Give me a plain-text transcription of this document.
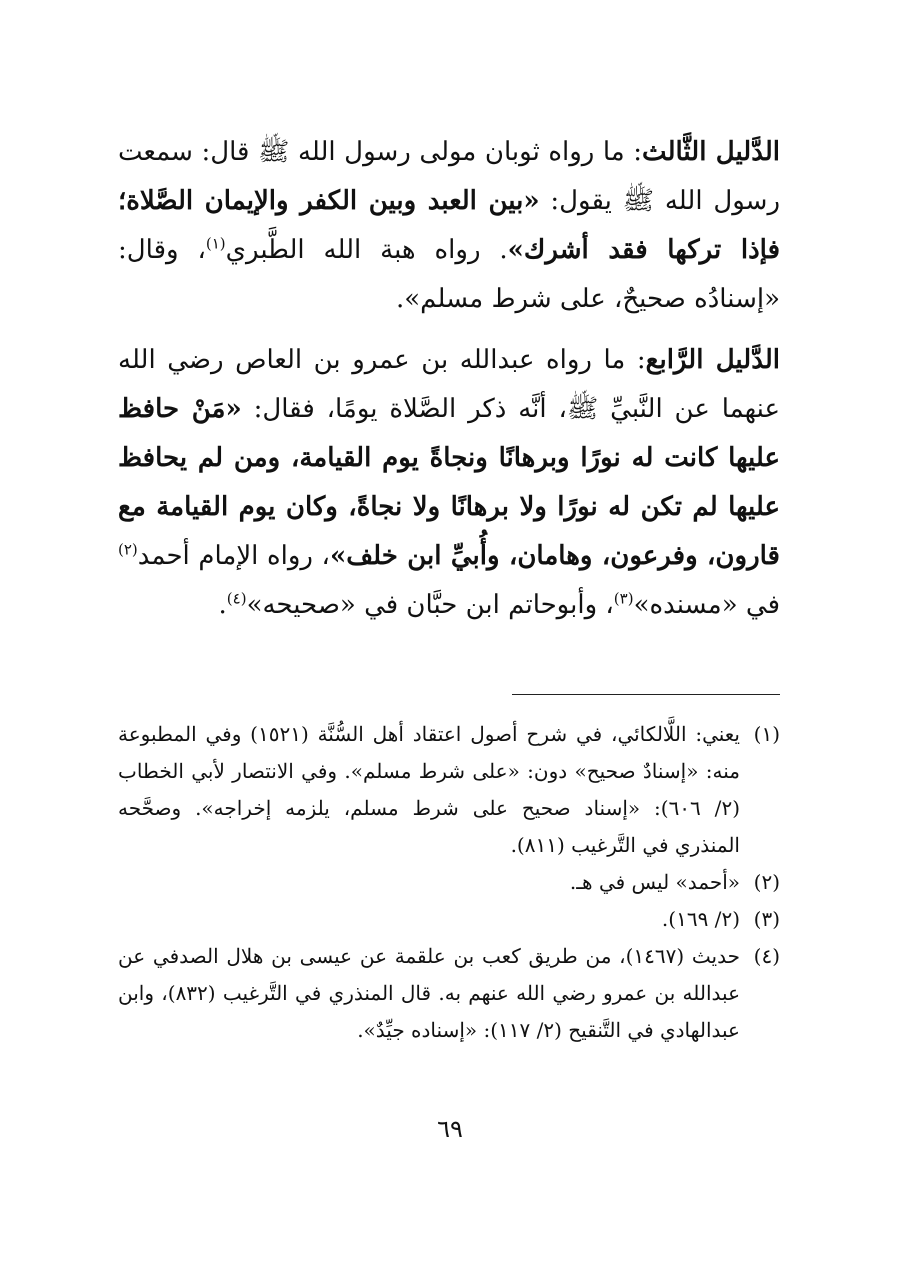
الدَّليل الثَّالث: ما رواه ثوبان مولى رسول الله ﷺ قال: سمعت رسول الله ﷺ يقول: «بين العبد وبين الكفر والإيمان الصَّلاة؛ فإذا تركها فقد أشرك». رواه هبة الله الطَّبري$^{(١)}$، وقال: «إسنادُه صحيحٌ، على شرط مسلم».

الدَّليل الرَّابع: ما رواه عبدالله بن عمرو بن العاص رضي الله عنهما عن النَّبيِّ ﷺ، أنَّه ذكر الصَّلاة يومًا، فقال: «مَنْ حافظ عليها كانت له نورًا وبرهانًا ونجاةً يوم القيامة، ومن لم يحافظ عليها لم تكن له نورًا ولا برهانًا ولا نجاةً، وكان يوم القيامة مع قارون، وفرعون، وهامان، وأُبيِّ ابن خلف»، رواه الإمام أحمد$^{(٢)}$ في «مسنده»$^{(٣)}$، وأبوحاتم ابن حبَّان في «صحيحه»$^{(٤)}$.

(١)
يعني: اللَّالكائي، في شرح أصول اعتقاد أهل السُّنَّة (١٥٢١) وفي المطبوعة منه: «إسنادٌ صحيح» دون: «على شرط مسلم». وفي الانتصار لأبي الخطاب (٢/ ٦٠٦): «إسناد صحيح على شرط مسلم، يلزمه إخراجه». وصحَّحه المنذري في التَّرغيب (٨١١).
(٢)
«أحمد» ليس في هـ.
(٣)
(٢/ ١٦٩).
(٤)
حديث (١٤٦٧)، من طريق كعب بن علقمة عن عيسى بن هلال الصدفي عن عبدالله بن عمرو رضي الله عنهم به. قال المنذري في التَّرغيب (٨٣٢)، وابن عبدالهادي في التَّنقيح (٢/ ١١٧): «إسناده جيِّدٌ».
٦٩
